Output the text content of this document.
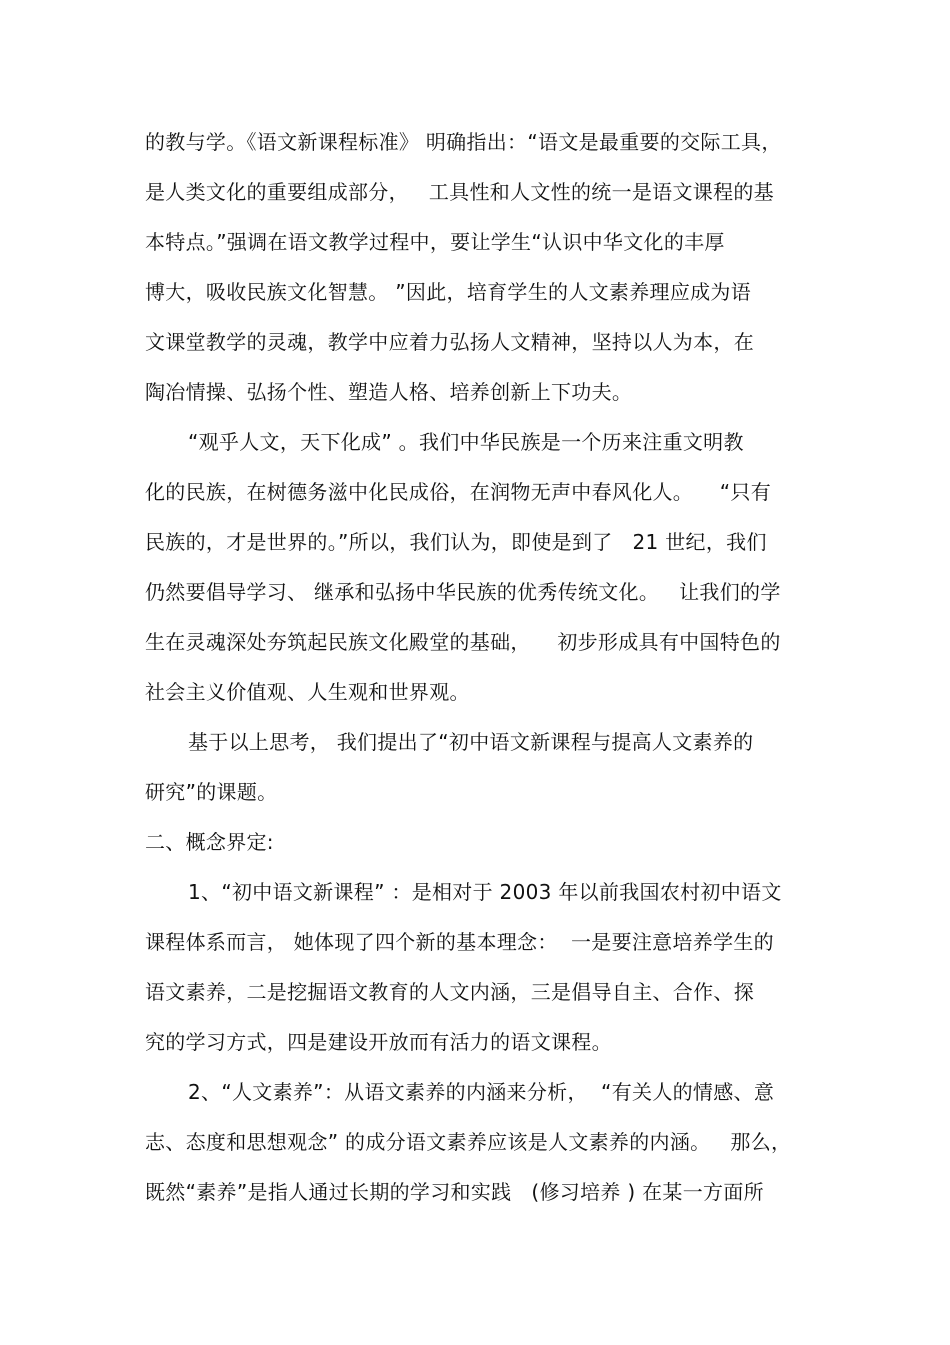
的教与学。《语文新课程标准》 明确指出：“语文是最重要的交际工具，
是人类文化的重要组成部分，   工具性和人文性的统一是语文课程的基
本特点。”强调在语文教学过程中，要让学生“认识中华文化的丰厚
博大，吸收民族文化智慧。 ”因此，培育学生的人文素养理应成为语
文课堂教学的灵魂，教学中应着力弘扬人文精神，坚持以人为本，在
陶冶情操、弘扬个性、塑造人格、培养创新上下功夫。
“观乎人文，天下化成” 。我们中华民族是一个历来注重文明教
化的民族，在树德务滋中化民成俗，在润物无声中春风化人。    “只有
民族的，才是世界的。”所以，我们认为，即使是到了   21 世纪，我们
仍然要倡导学习、 继承和弘扬中华民族的优秀传统文化。   让我们的学
生在灵魂深处夯筑起民族文化殿堂的基础，    初步形成具有中国特色的
社会主义价值观、人生观和世界观。
基于以上思考， 我们提出了“初中语文新课程与提高人文素养的
研究”的课题。
二、概念界定:
1、“初中语文新课程” ：是相对于 2003 年以前我国农村初中语文
课程体系而言， 她体现了四个新的基本理念：  一是要注意培养学生的
语文素养，二是挖掘语文教育的人文内涵，三是倡导自主、合作、探
究的学习方式，四是建设开放而有活力的语文课程。
2、“人文素养”：从语文素养的内涵来分析，  “有关人的情感、意
志、态度和思想观念” 的成分语文素养应该是人文素养的内涵。   那么，
既然“素养”是指人通过长期的学习和实践   (修习培养 ) 在某一方面所
